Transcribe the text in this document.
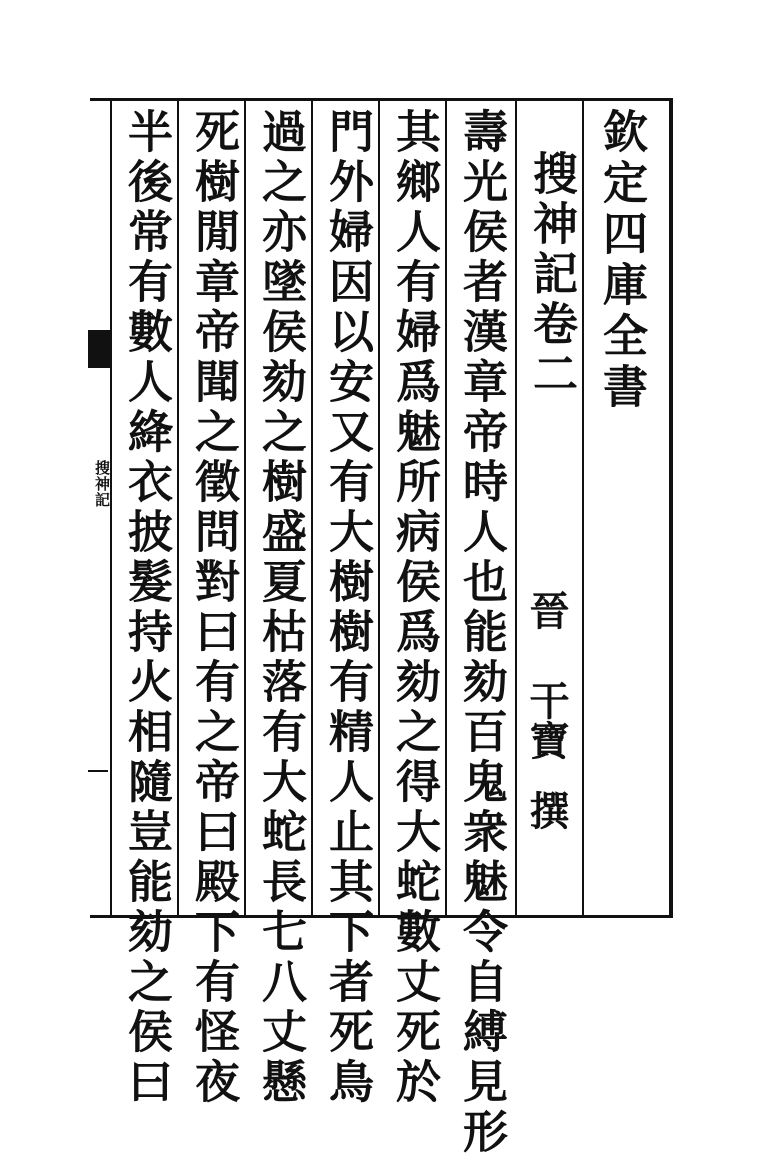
欽定四庫全書
搜神記卷二
晉
干寶
撰
壽光侯者漢章帝時人也能劾百鬼衆魅令自縛見形
其鄉人有婦爲魅所病侯爲劾之得大蛇數丈死於
門外婦因以安又有大樹樹有精人止其下者死鳥
過之亦墜侯劾之樹盛夏枯落有大蛇長七八丈懸
死樹閒章帝聞之徵問對曰有之帝曰殿下有怪夜
半後常有數人絳衣披髮持火相隨豈能劾之侯曰
搜神記
